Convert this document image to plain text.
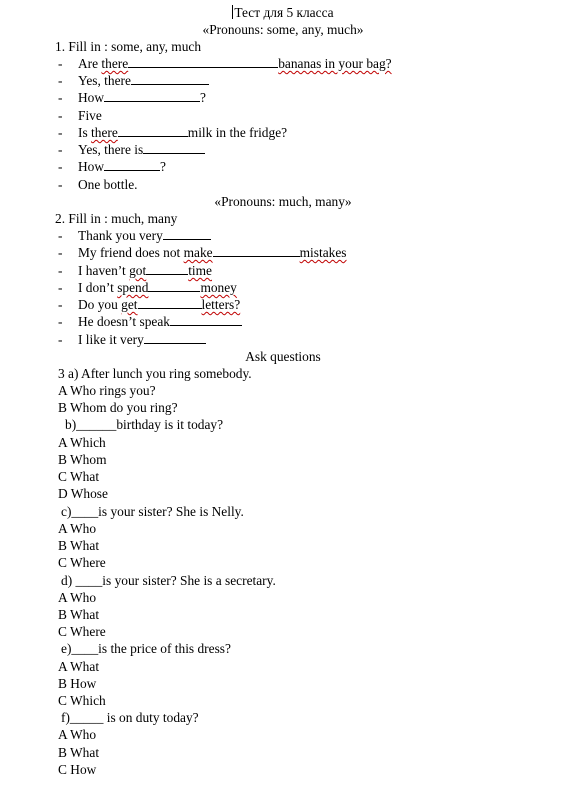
Тест для 5 класса
«Pronouns: some, any, much»
1. Fill in : some, any, much
- Are there	bananas in your bag?
- Yes, there
- How	?
- Five
- Is there	milk in the fridge?
- Yes, there is
- How	?
- One bottle.
«Pronouns: much, many»
2. Fill in : much, many
- Thank you very
- My friend does not make	mistakes
- I haven’t got	time
- I don’t spend	money
- Do you get	letters?
- He doesn’t speak
- I like it very
Ask questions
3 a) After lunch you ring somebody.
A Who rings you?
B Whom do you ring?
b)______birthday is it today?
A Which
B Whom
C What
D Whose
c)____is your sister? She is Nelly.
A Who
B What
C Where
d) ____is your sister? She is a secretary.
A Who
B What
C Where
e)____is the price of this dress?
A What
B How
C Which
f)_____ is on duty today?
A Who
B What
C How
